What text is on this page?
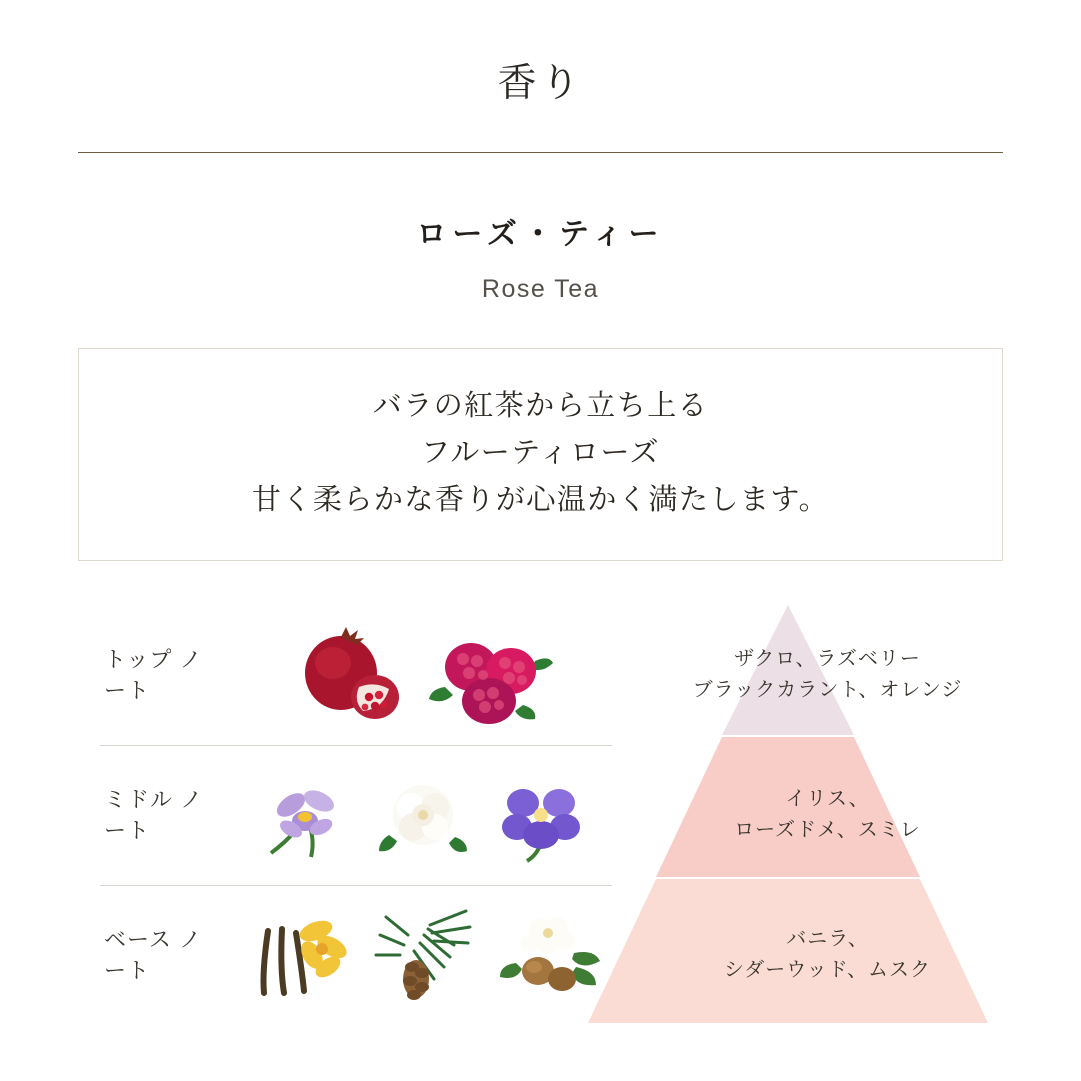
香り
ローズ・ティー
Rose Tea
バラの紅茶から立ち上る
フルーティローズ
甘く柔らかな香りが心温かく満たします。
トップ ノート
ザクロ、ラズベリー
ブラックカラント、オレンジ
ミドル ノート
イリス、
ローズドメ、スミレ
ベース ノート
バニラ、
シダーウッド、ムスク
